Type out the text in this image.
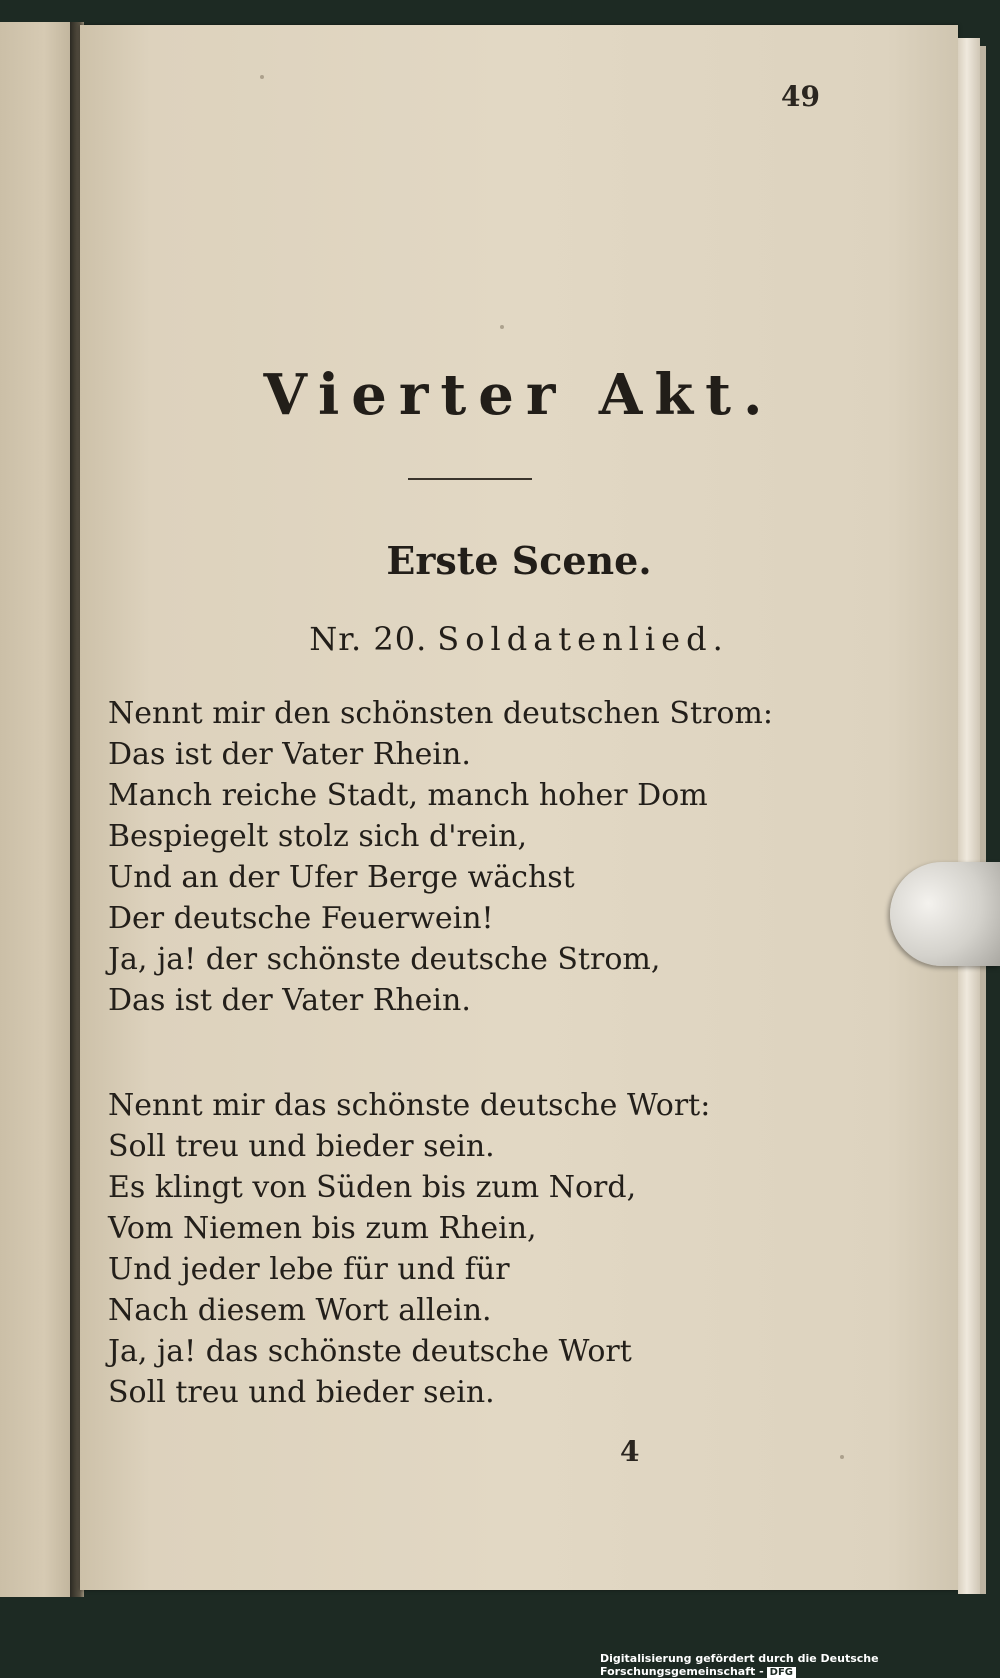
49
Vierter Akt.
Erste Scene.
Nr. 20. Soldatenlied.
Nennt mir den schönsten deutschen Strom:
Das ist der Vater Rhein.
Manch reiche Stadt, manch hoher Dom
Bespiegelt stolz sich d'rein,
Und an der Ufer Berge wächst
Der deutsche Feuerwein!
Ja, ja! der schönste deutsche Strom,
Das ist der Vater Rhein.
Nennt mir das schönste deutsche Wort:
Soll treu und bieder sein.
Es klingt von Süden bis zum Nord,
Vom Niemen bis zum Rhein,
Und jeder lebe für und für
Nach diesem Wort allein.
Ja, ja! das schönste deutsche Wort
Soll treu und bieder sein.
4
Digitalisierung gefördert durch die Deutsche Forschungsgemeinschaft - DFG
